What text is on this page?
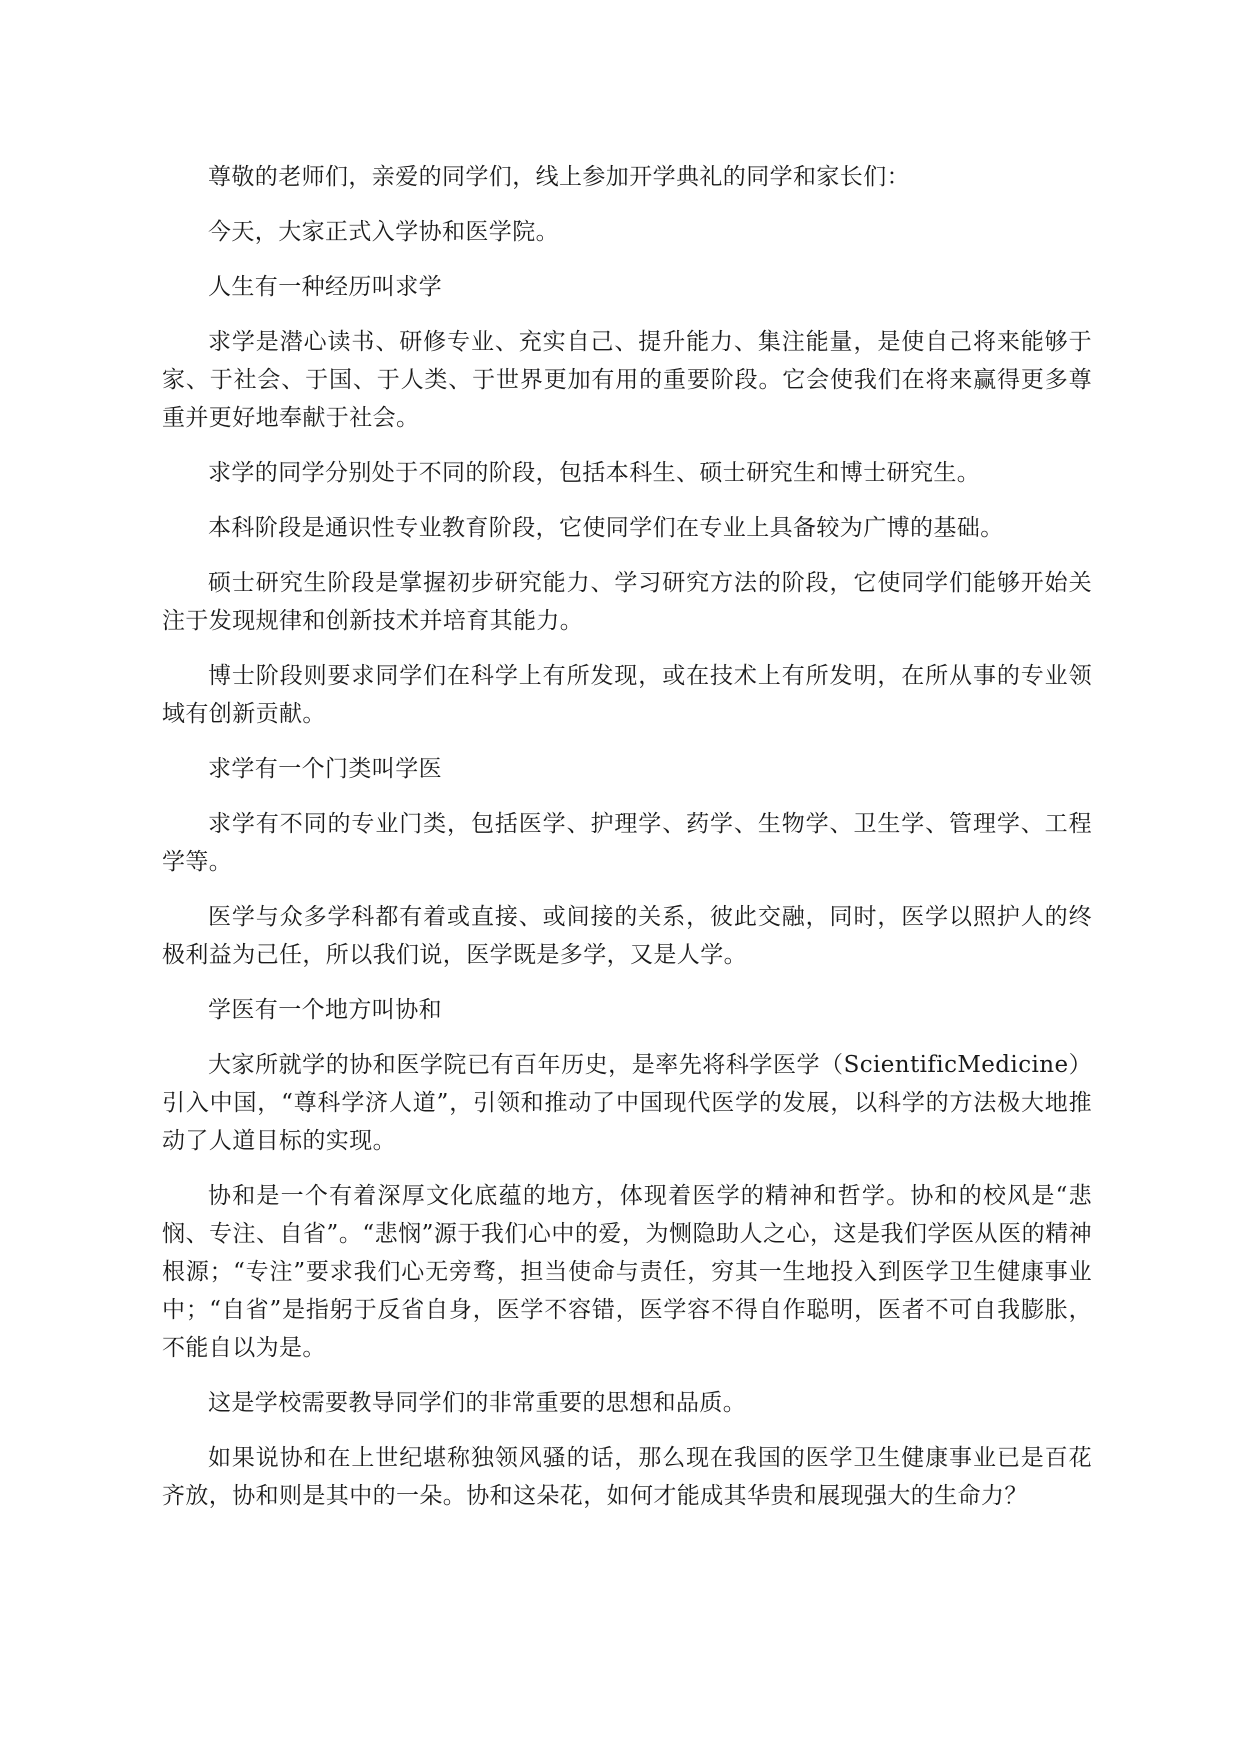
尊敬的老师们，亲爱的同学们，线上参加开学典礼的同学和家长们：

今天，大家正式入学协和医学院。

人生有一种经历叫求学

求学是潜心读书、研修专业、充实自己、提升能力、集注能量，是使自己将来能够于家、于社会、于国、于人类、于世界更加有用的重要阶段。它会使我们在将来赢得更多尊重并更好地奉献于社会。

求学的同学分别处于不同的阶段，包括本科生、硕士研究生和博士研究生。

本科阶段是通识性专业教育阶段，它使同学们在专业上具备较为广博的基础。

硕士研究生阶段是掌握初步研究能力、学习研究方法的阶段，它使同学们能够开始关注于发现规律和创新技术并培育其能力。

博士阶段则要求同学们在科学上有所发现，或在技术上有所发明，在所从事的专业领域有创新贡献。

求学有一个门类叫学医

求学有不同的专业门类，包括医学、护理学、药学、生物学、卫生学、管理学、工程学等。

医学与众多学科都有着或直接、或间接的关系，彼此交融，同时，医学以照护人的终极利益为己任，所以我们说，医学既是多学，又是人学。

学医有一个地方叫协和

大家所就学的协和医学院已有百年历史，是率先将科学医学（ScientificMedicine）引入中国，“尊科学济人道”，引领和推动了中国现代医学的发展，以科学的方法极大地推动了人道目标的实现。

协和是一个有着深厚文化底蕴的地方，体现着医学的精神和哲学。协和的校风是“悲悯、专注、自省”。“悲悯”源于我们心中的爱，为恻隐助人之心，这是我们学医从医的精神根源；“专注”要求我们心无旁骛，担当使命与责任，穷其一生地投入到医学卫生健康事业中；“自省”是指躬于反省自身，医学不容错，医学容不得自作聪明，医者不可自我膨胀，不能自以为是。

这是学校需要教导同学们的非常重要的思想和品质。

如果说协和在上世纪堪称独领风骚的话，那么现在我国的医学卫生健康事业已是百花齐放，协和则是其中的一朵。协和这朵花，如何才能成其华贵和展现强大的生命力？
